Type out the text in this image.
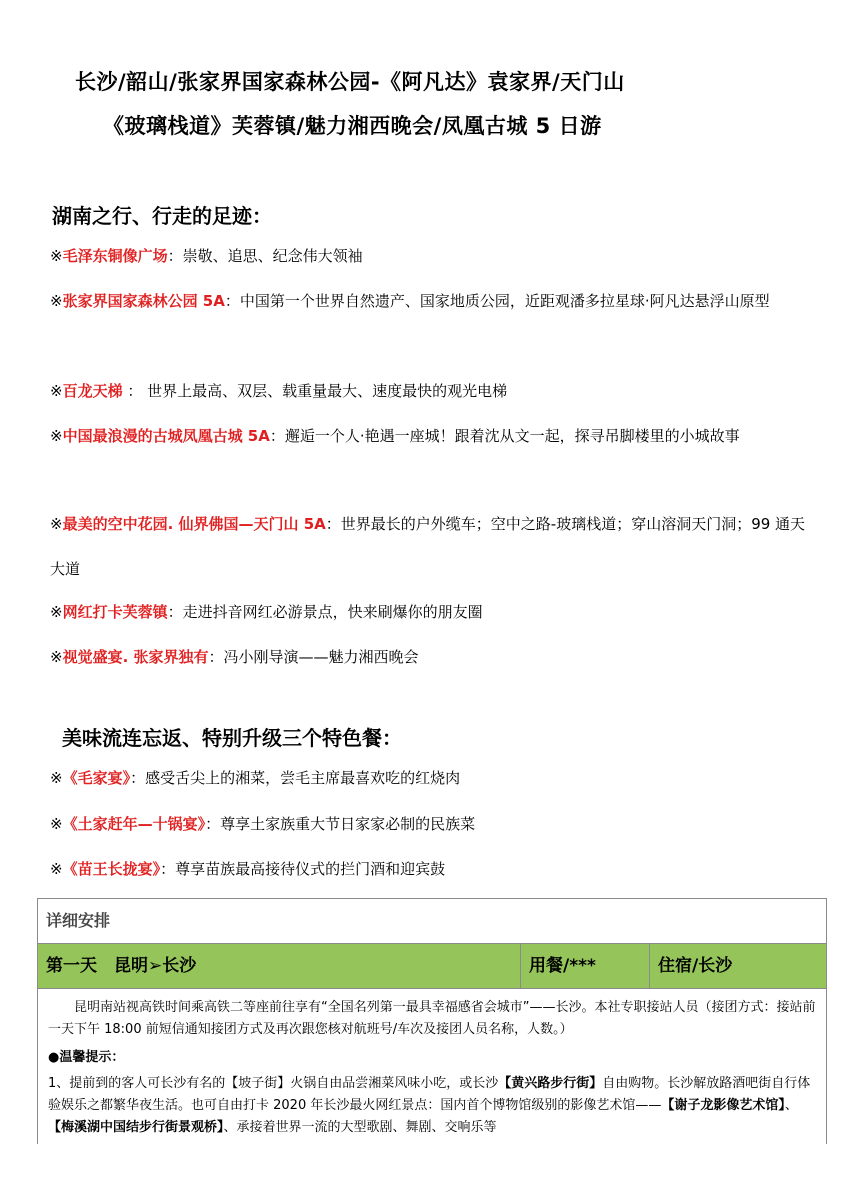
长沙/韶山/张家界国家森林公园-《阿凡达》袁家界/天门山
《玻璃栈道》芙蓉镇/魅力湘西晚会/凤凰古城 5 日游
湖南之行、行走的足迹：
※毛泽东铜像广场：崇敬、追思、纪念伟大领袖
※张家界国家森林公园 5A：中国第一个世界自然遗产、国家地质公园，近距观潘多拉星球·阿凡达悬浮山原型
※百龙天梯 ： 世界上最高、双层、载重量最大、速度最快的观光电梯
※中国最浪漫的古城凤凰古城 5A：邂逅一个人·艳遇一座城！跟着沈从文一起，探寻吊脚楼里的小城故事
※最美的空中花园. 仙界佛国—天门山 5A：世界最长的户外缆车；空中之路-玻璃栈道；穿山溶洞天门洞；99 通天大道
※网红打卡芙蓉镇：走进抖音网红必游景点，快来刷爆你的朋友圈
※视觉盛宴. 张家界独有：冯小刚导演——魅力湘西晚会
美味流连忘返、特别升级三个特色餐：
※《毛家宴》：感受舌尖上的湘菜，尝毛主席最喜欢吃的红烧肉
※《土家赶年—十锅宴》：尊享土家族重大节日家家必制的民族菜
※《苗王长拢宴》：尊享苗族最高接待仪式的拦门酒和迎宾鼓
详细安排
第一天　昆明➢长沙	用餐/***	住宿/长沙

昆明南站视高铁时间乘高铁二等座前往享有“全国名列第一最具幸福感省会城市”——长沙。本社专职接站人员（接团方式：接站前一天下午 18:00 前短信通知接团方式及再次跟您核对航班号/车次及接团人员名称，人数。）

●温馨提示：

1、提前到的客人可长沙有名的【坡子街】火锅自由品尝湘菜风味小吃，或长沙【黄兴路步行街】自由购物。长沙解放路酒吧街自行体验娱乐之都繁华夜生活。也可自由打卡 2020 年长沙最火网红景点：国内首个博物馆级别的影像艺术馆——【谢子龙影像艺术馆】、【梅溪湖中国结步行街景观桥】、承接着世界一流的大型歌剧、舞剧、交响乐等
